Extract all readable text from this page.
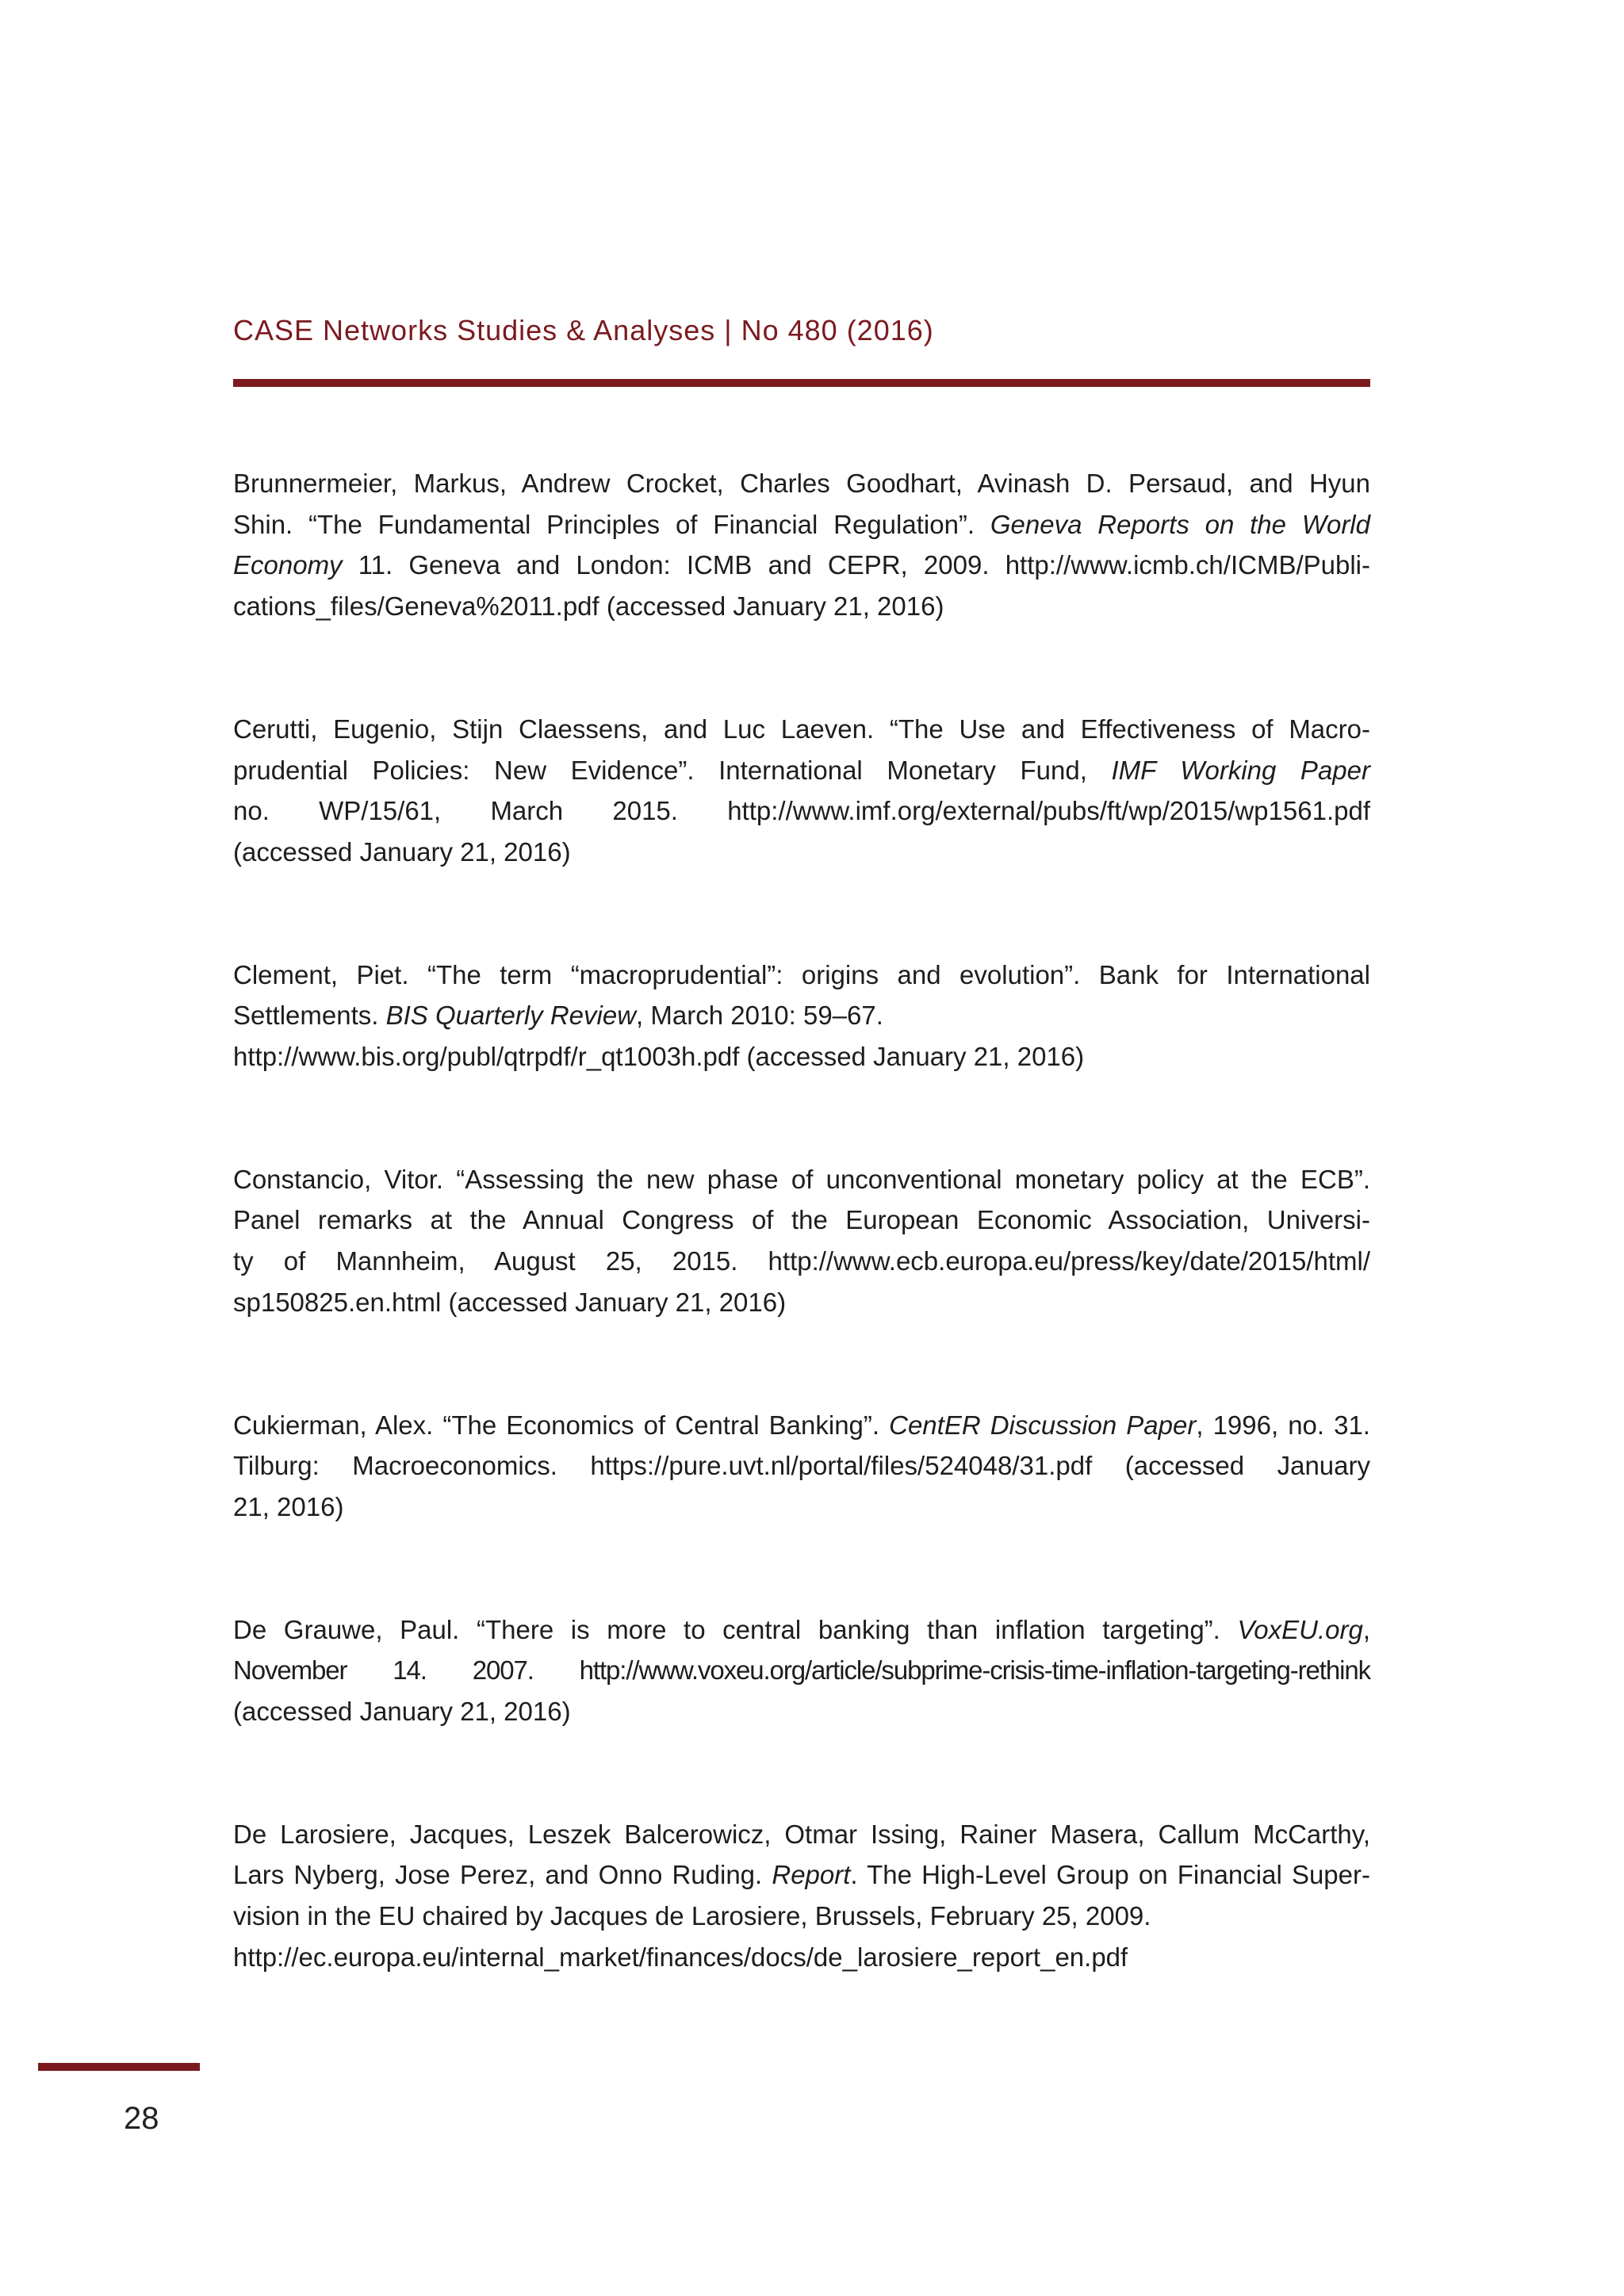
CASE Networks Studies & Analyses | No 480 (2016)
Brunnermeier, Markus, Andrew Crocket, Charles Goodhart, Avinash D. Persaud, and Hyun
Shin. “The Fundamental Principles of Financial Regulation”. Geneva Reports on the World
Economy 11. Geneva and London: ICMB and CEPR, 2009. http://www.icmb.ch/ICMB/Publi-
cations_files/Geneva%2011.pdf (accessed January 21, 2016)
Cerutti, Eugenio, Stijn Claessens, and Luc Laeven. “The Use and Effectiveness of Macro-
prudential Policies: New Evidence”. International Monetary Fund, IMF Working Paper
no. WP/15/61, March 2015. http://www.imf.org/external/pubs/ft/wp/2015/wp1561.pdf
(accessed January 21, 2016)
Clement, Piet. “The term “macroprudential”: origins and evolution”. Bank for International
Settlements. BIS Quarterly Review, March 2010: 59–67.
http://www.bis.org/publ/qtrpdf/r_qt1003h.pdf (accessed January 21, 2016)
Constancio, Vitor. “Assessing the new phase of unconventional monetary policy at the ECB”.
Panel remarks at the Annual Congress of the European Economic Association, Universi-
ty of Mannheim, August 25, 2015. http://www.ecb.europa.eu/press/key/date/2015/html/
sp150825.en.html (accessed January 21, 2016)
Cukierman, Alex. “The Economics of Central Banking”. CentER Discussion Paper, 1996, no. 31.
Tilburg: Macroeconomics. https://pure.uvt.nl/portal/files/524048/31.pdf (accessed January
21, 2016)
De Grauwe, Paul. “There is more to central banking than inflation targeting”. VoxEU.org,
November 14. 2007. http://www.voxeu.org/article/subprime-crisis-time-inflation-targeting-rethink
(accessed January 21, 2016)
De Larosiere, Jacques, Leszek Balcerowicz, Otmar Issing, Rainer Masera, Callum McCarthy,
Lars Nyberg, Jose Perez, and Onno Ruding. Report. The High-Level Group on Financial Super-
vision in the EU chaired by Jacques de Larosiere, Brussels, February 25, 2009.
http://ec.europa.eu/internal_market/finances/docs/de_larosiere_report_en.pdf
28
